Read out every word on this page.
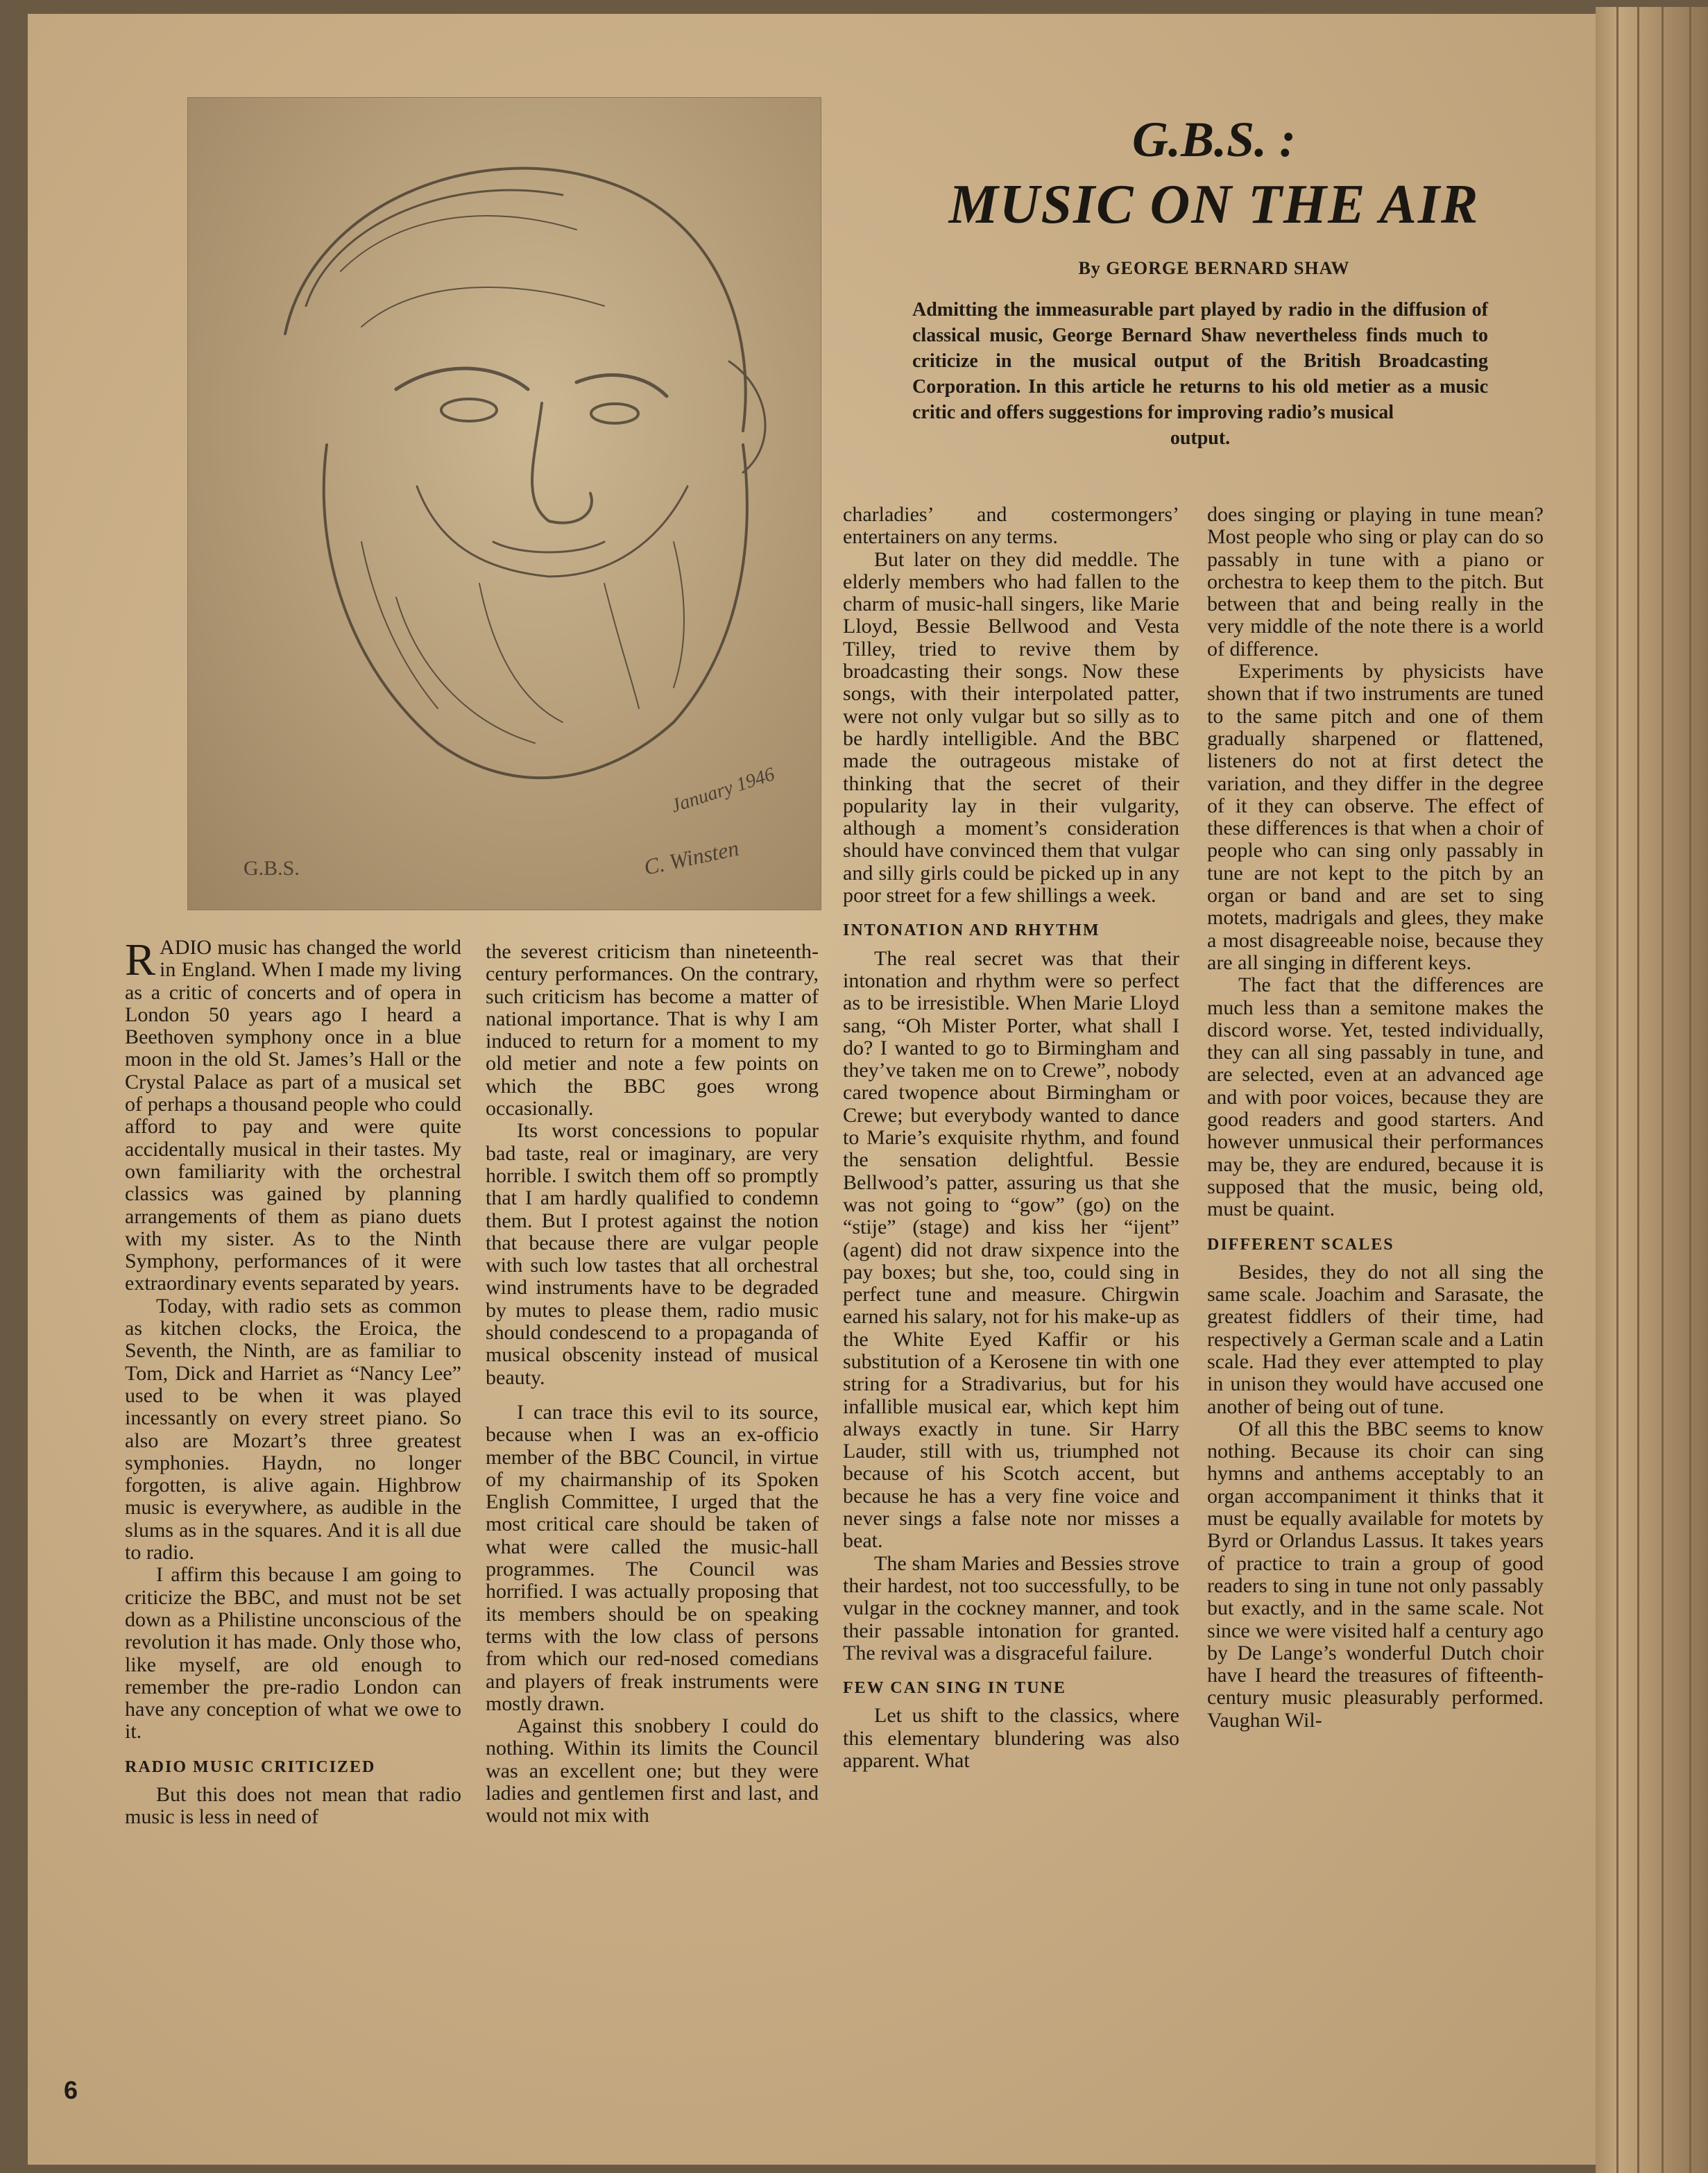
G.B.S.
January 1946
C. Winsten
G.B.S. :
MUSIC ON THE AIR
By GEORGE BERNARD SHAW
Admitting the immeasurable part played by radio in the diffusion of classical music, George Bernard Shaw nevertheless finds much to criticize in the musical output of the British Broadcasting Corporation. In this article he returns to his old metier as a music critic and offers suggestions for improving radio’s musical
output.

RADIO music has changed the world in England. When I made my living as a critic of concerts and of opera in London 50 years ago I heard a Beethoven symphony once in a blue moon in the old St. James’s Hall or the Crystal Palace as part of a musical set of perhaps a thousand people who could afford to pay and were quite accidentally musical in their tastes. My own familiarity with the orchestral classics was gained by planning arrangements of them as piano duets with my sister. As to the Ninth Symphony, performances of it were extraordinary events separated by years.

Today, with radio sets as common as kitchen clocks, the Eroica, the Seventh, the Ninth, are as familiar to Tom, Dick and Harriet as “Nancy Lee” used to be when it was played incessantly on every street piano. So also are Mozart’s three greatest symphonies. Haydn, no longer forgotten, is alive again. Highbrow music is everywhere, as audible in the slums as in the squares. And it is all due to radio.

I affirm this because I am going to criticize the BBC, and must not be set down as a Philistine unconscious of the revolution it has made. Only those who, like myself, are old enough to remember the pre-radio London can have any conception of what we owe to it.

RADIO MUSIC CRITICIZED

But this does not mean that radio music is less in need of

the severest criticism than nineteenth-century performances. On the contrary, such criticism has become a matter of national importance. That is why I am induced to return for a moment to my old metier and note a few points on which the BBC goes wrong occasionally.

Its worst concessions to popular bad taste, real or imaginary, are very horrible. I switch them off so promptly that I am hardly qualified to condemn them. But I protest against the notion that because there are vulgar people with such low tastes that all orchestral wind instruments have to be degraded by mutes to please them, radio music should condescend to a propaganda of musical obscenity instead of musical beauty.

I can trace this evil to its source, because when I was an ex-officio member of the BBC Council, in virtue of my chairmanship of its Spoken English Committee, I urged that the most critical care should be taken of what were called the music-hall programmes. The Council was horrified. I was actually proposing that its members should be on speaking terms with the low class of persons from which our red-nosed comedians and players of freak instruments were mostly drawn.

Against this snobbery I could do nothing. Within its limits the Council was an excellent one; but they were ladies and gentlemen first and last, and would not mix with

charladies’ and costermongers’ entertainers on any terms.

But later on they did meddle. The elderly members who had fallen to the charm of music-hall singers, like Marie Lloyd, Bessie Bellwood and Vesta Tilley, tried to revive them by broadcasting their songs. Now these songs, with their interpolated patter, were not only vulgar but so silly as to be hardly intelligible. And the BBC made the outrageous mistake of thinking that the secret of their popularity lay in their vulgarity, although a moment’s consideration should have convinced them that vulgar and silly girls could be picked up in any poor street for a few shillings a week.

INTONATION AND RHYTHM

The real secret was that their intonation and rhythm were so perfect as to be irresistible. When Marie Lloyd sang, “Oh Mister Porter, what shall I do? I wanted to go to Birmingham and they’ve taken me on to Crewe”, nobody cared twopence about Birmingham or Crewe; but everybody wanted to dance to Marie’s exquisite rhythm, and found the sensation delightful. Bessie Bellwood’s patter, assuring us that she was not going to “gow” (go) on the “stije” (stage) and kiss her “ijent” (agent) did not draw sixpence into the pay boxes; but she, too, could sing in perfect tune and measure. Chirgwin earned his salary, not for his make-up as the White Eyed Kaffir or his substitution of a Kerosene tin with one string for a Stradivarius, but for his infallible musical ear, which kept him always exactly in tune. Sir Harry Lauder, still with us, triumphed not because of his Scotch accent, but because he has a very fine voice and never sings a false note nor misses a beat.

The sham Maries and Bessies strove their hardest, not too successfully, to be vulgar in the cockney manner, and took their passable intonation for granted. The revival was a disgraceful failure.

FEW CAN SING IN TUNE

Let us shift to the classics, where this elementary blundering was also apparent. What

does singing or playing in tune mean? Most people who sing or play can do so passably in tune with a piano or orchestra to keep them to the pitch. But between that and being really in the very middle of the note there is a world of difference.

Experiments by physicists have shown that if two instruments are tuned to the same pitch and one of them gradually sharpened or flattened, listeners do not at first detect the variation, and they differ in the degree of it they can observe. The effect of these differences is that when a choir of people who can sing only passably in tune are not kept to the pitch by an organ or band and are set to sing motets, madrigals and glees, they make a most disagreeable noise, because they are all singing in different keys.

The fact that the differences are much less than a semitone makes the discord worse. Yet, tested individually, they can all sing passably in tune, and are selected, even at an advanced age and with poor voices, because they are good readers and good starters. And however unmusical their performances may be, they are endured, because it is supposed that the music, being old, must be quaint.

DIFFERENT SCALES

Besides, they do not all sing the same scale. Joachim and Sarasate, the greatest fiddlers of their time, had respectively a German scale and a Latin scale. Had they ever attempted to play in unison they would have accused one another of being out of tune.

Of all this the BBC seems to know nothing. Because its choir can sing hymns and anthems acceptably to an organ accompaniment it thinks that it must be equally available for motets by Byrd or Orlandus Lassus. It takes years of practice to train a group of good readers to sing in tune not only passably but exactly, and in the same scale. Not since we were visited half a century ago by De Lange’s wonderful Dutch choir have I heard the treasures of fifteenth-century music pleasurably performed. Vaughan Wil-

6
